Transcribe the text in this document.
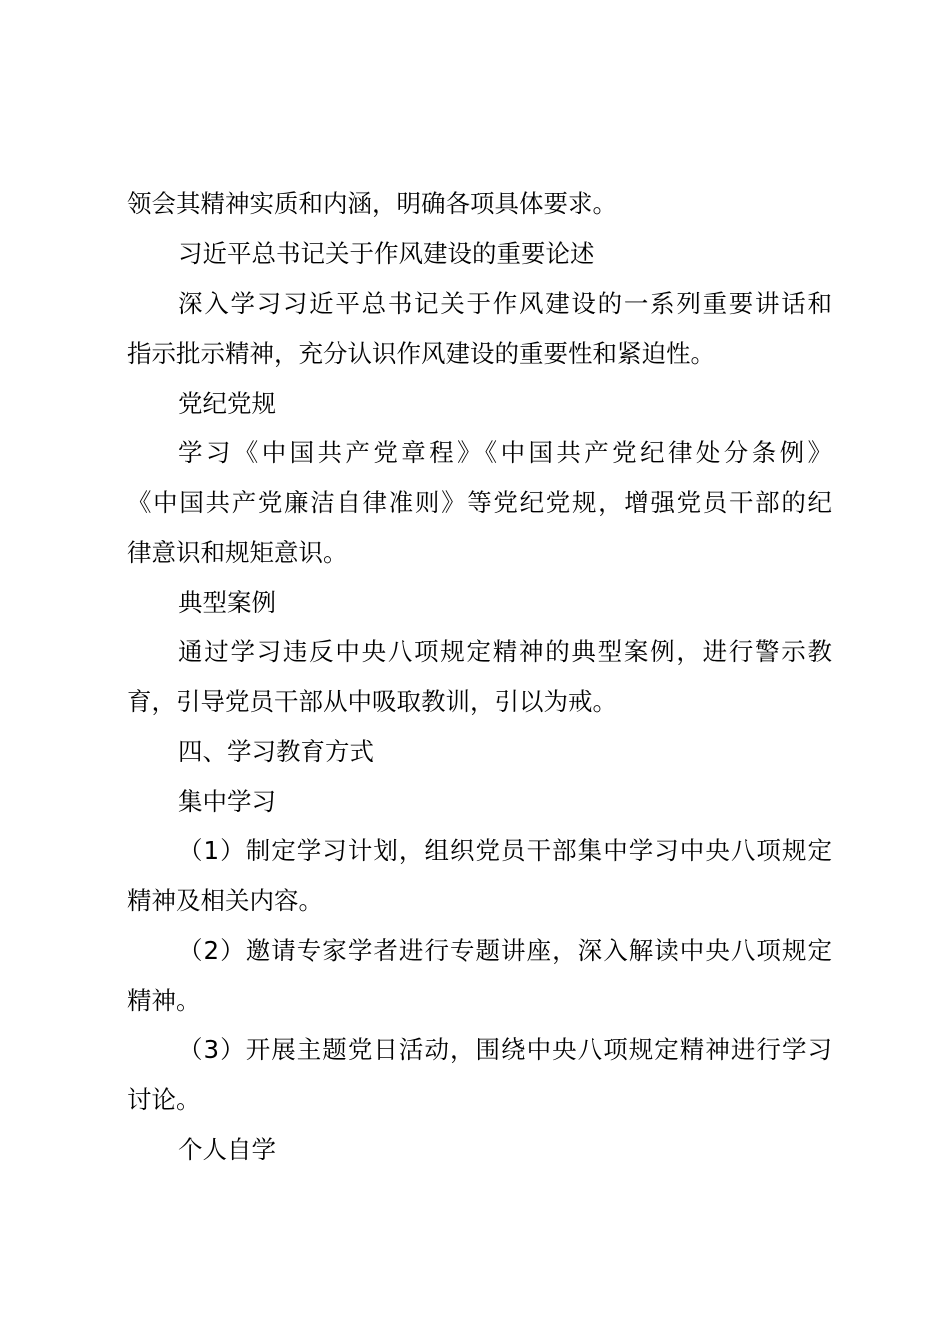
领会其精神实质和内涵，明确各项具体要求。
习近平总书记关于作风建设的重要论述
深入学习习近平总书记关于作风建设的一系列重要讲话和
指示批示精神，充分认识作风建设的重要性和紧迫性。
党纪党规
学习《中国共产党章程》《中国共产党纪律处分条例》
《中国共产党廉洁自律准则》等党纪党规，增强党员干部的纪
律意识和规矩意识。
典型案例
通过学习违反中央八项规定精神的典型案例，进行警示教
育，引导党员干部从中吸取教训，引以为戒。
四、学习教育方式
集中学习
（1）制定学习计划，组织党员干部集中学习中央八项规定
精神及相关内容。
（2）邀请专家学者进行专题讲座，深入解读中央八项规定
精神。
（3）开展主题党日活动，围绕中央八项规定精神进行学习
讨论。
个人自学
